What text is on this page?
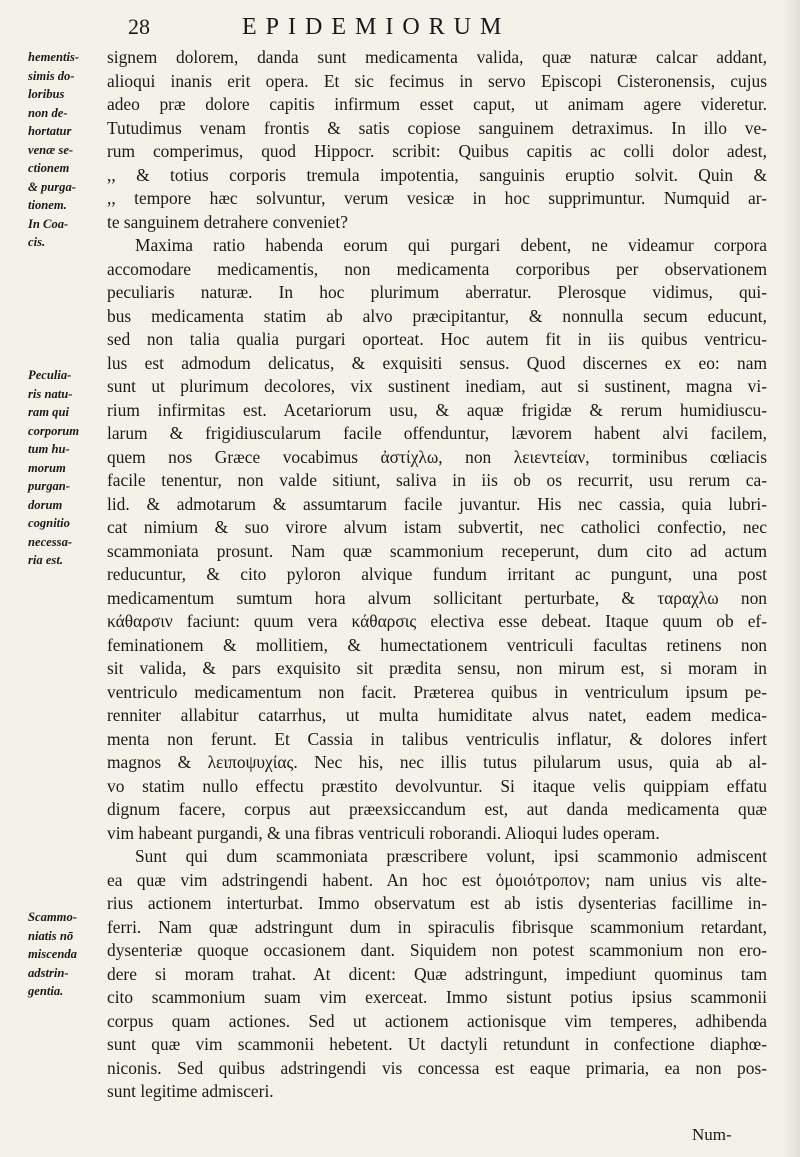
28	EPIDEMIORUM
hementis-
simis do-
loribus
non de-
hortatur
venæ se-
ctionem
& purga-
tionem.
In Coa-
cis.
Peculia-
ris natu-
ram qui
corporum
tum hu-
morum
purgan-
dorum
cognitio
necessa-
ria est.
Scammo-
niatis nō
miscenda
adstrin-
gentia.

signem dolorem, danda sunt medicamenta valida, quæ naturæ calcar addant,
alioqui inanis erit opera. Et sic fecimus in servo Episcopi Cisteronensis, cujus
adeo præ dolore capitis infirmum esset caput, ut animam agere videretur.
Tutudimus venam frontis & satis copiose sanguinem detraximus. In illo ve-
rum comperimus, quod Hippocr. scribit: Quibus capitis ac colli dolor adest,
,, & totius corporis tremula impotentia, sanguinis eruptio solvit. Quin &
,, tempore hæc solvuntur, verum vesicæ in hoc supprimuntur. Numquid ar-
te sanguinem detrahere conveniet?

Maxima ratio habenda eorum qui purgari debent, ne videamur corpora
accomodare medicamentis, non medicamenta corporibus per observationem
peculiaris naturæ. In hoc plurimum aberratur. Plerosque vidimus, qui-
bus medicamenta statim ab alvo præcipitantur, & nonnulla secum educunt,
sed non talia qualia purgari oporteat. Hoc autem fit in iis quibus ventricu-
lus est admodum delicatus, & exquisiti sensus. Quod discernes ex eo: nam
sunt ut plurimum decolores, vix sustinent inediam, aut si sustinent, magna vi-
rium infirmitas est. Acetariorum usu, & aquæ frigidæ & rerum humidiuscu-
larum & frigidiuscularum facile offenduntur, lævorem habent alvi facilem,
quem nos Græce vocabimus ἀστίχλω, non λειεντείαν, torminibus cœliacis
facile tenentur, non valde sitiunt, saliva in iis ob os recurrit, usu rerum ca-
lid. & admotarum & assumtarum facile juvantur. His nec cassia, quia lubri-
cat nimium & suo virore alvum istam subvertit, nec catholici confectio, nec
scammoniata prosunt. Nam quæ scammonium receperunt, dum cito ad actum
reducuntur, & cito pyloron alvique fundum irritant ac pungunt, una post
medicamentum sumtum hora alvum sollicitant perturbate, & ταραχλω non
κάθαρσιν faciunt: quum vera κάθαρσις electiva esse debeat. Itaque quum ob ef-
feminationem & mollitiem, & humectationem ventriculi facultas retinens non
sit valida, & pars exquisito sit prædita sensu, non mirum est, si moram in
ventriculo medicamentum non facit. Præterea quibus in ventriculum ipsum pe-
renniter allabitur catarrhus, ut multa humiditate alvus natet, eadem medica-
menta non ferunt. Et Cassia in talibus ventriculis inflatur, & dolores infert
magnos & λειποψυχίας. Nec his, nec illis tutus pilularum usus, quia ab al-
vo statim nullo effectu præstito devolvuntur. Si itaque velis quippiam effatu
dignum facere, corpus aut præexsiccandum est, aut danda medicamenta quæ
vim habeant purgandi, & una fibras ventriculi roborandi. Alioqui ludes operam.

Sunt qui dum scammoniata præscribere volunt, ipsi scammonio admiscent
ea quæ vim adstringendi habent. An hoc est ὁμοιότροπον; nam unius vis alte-
rius actionem interturbat. Immo observatum est ab istis dysenterias facillime in-
ferri. Nam quæ adstringunt dum in spiraculis fibrisque scammonium retardant,
dysenteriæ quoque occasionem dant. Siquidem non potest scammonium non ero-
dere si moram trahat. At dicent: Quæ adstringunt, impediunt quominus tam
cito scammonium suam vim exerceat. Immo sistunt potius ipsius scammonii
corpus quam actiones. Sed ut actionem actionisque vim temperes, adhibenda
sunt quæ vim scammonii hebetent. Ut dactyli retundunt in confectione diaphœ-
niconis. Sed quibus adstringendi vis concessa est eaque primaria, ea non pos-
sunt legitime admisceri.

Num-
